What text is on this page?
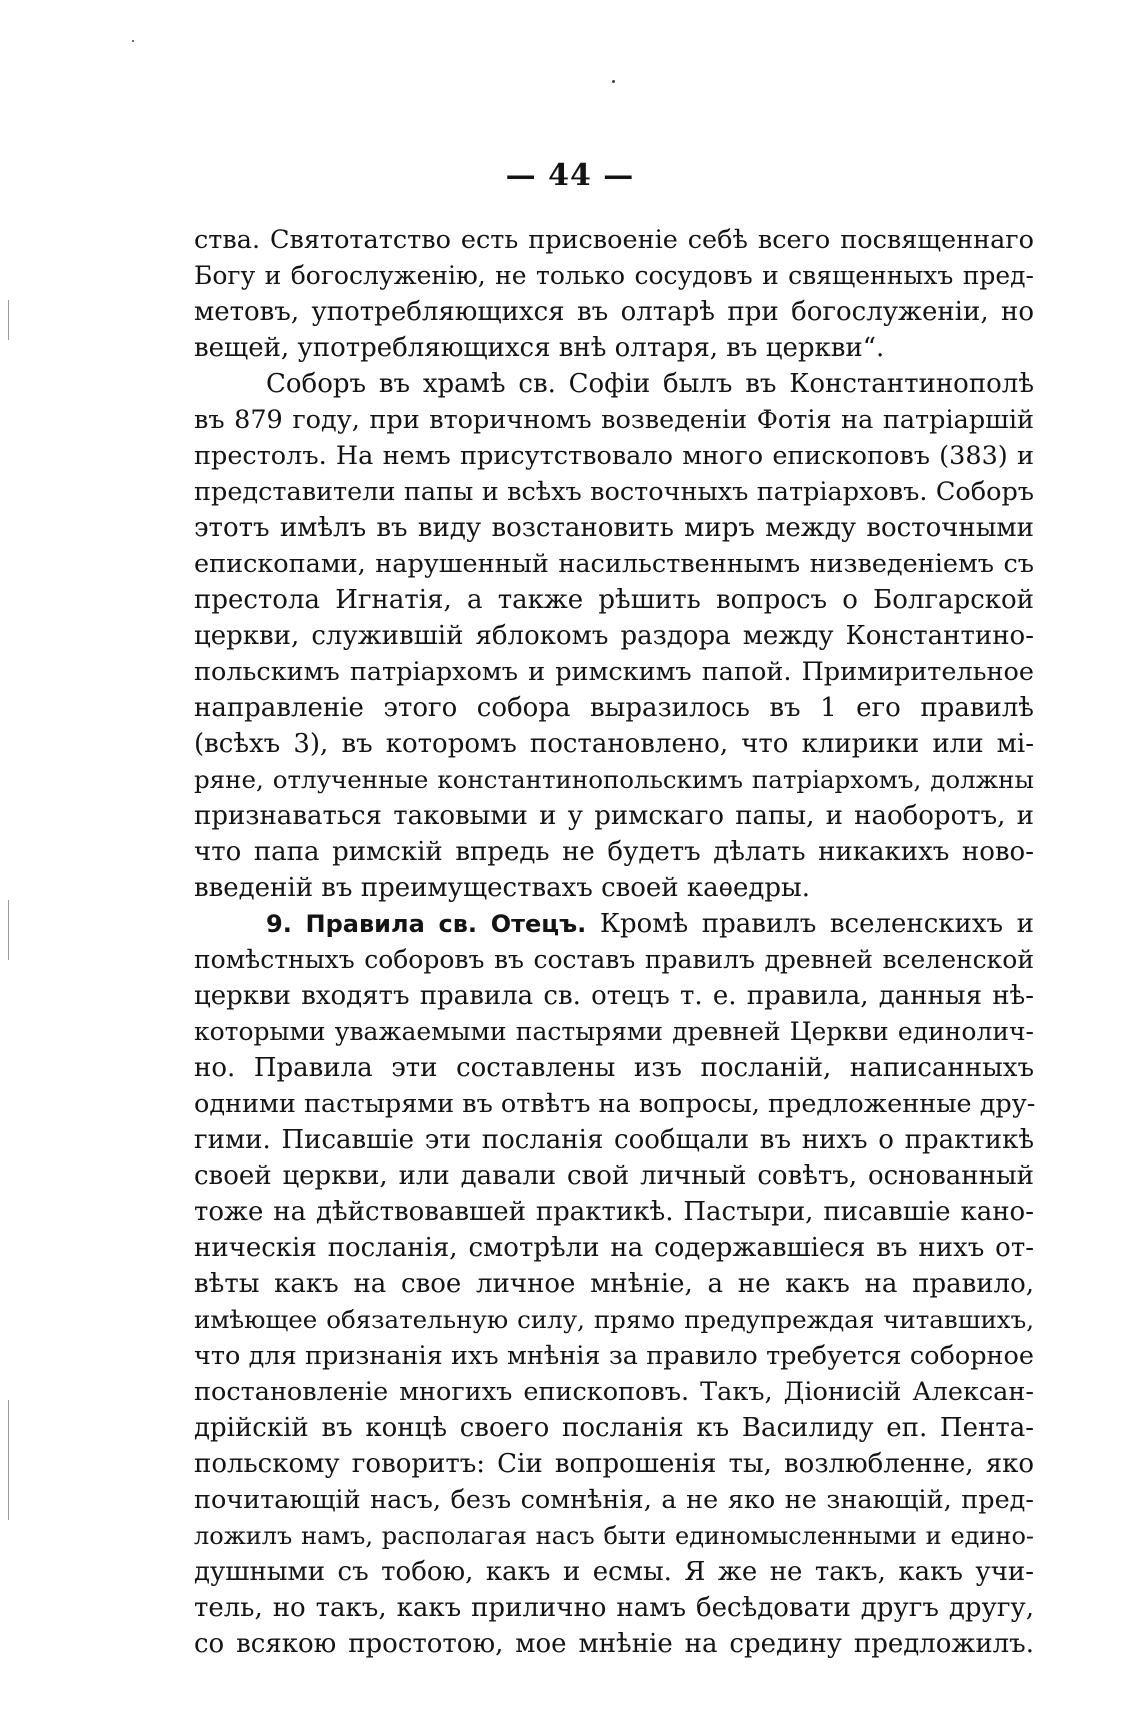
— 44 —
ства. Святотатство есть присвоеніе себѣ всего посвященнаго
Богу и богослуженію, не только сосудовъ и священныхъ пред-
метовъ, употребляющихся въ олтарѣ при богослуженіи, но
вещей, употребляющихся внѣ олтаря, въ церкви“.
Соборъ въ храмѣ св. Софіи былъ въ Константинополѣ
въ 879 году, при вторичномъ возведеніи Фотія на патріаршій
престолъ. На немъ присутствовало много епископовъ (383) и
представители папы и всѣхъ восточныхъ патріарховъ. Соборъ
этотъ имѣлъ въ виду возстановить миръ между восточными
епископами, нарушенный насильственнымъ низведеніемъ съ
престола Игнатія, а также рѣшить вопросъ о Болгарской
церкви, служившій яблокомъ раздора между Константино-
польскимъ патріархомъ и римскимъ папой. Примирительное
направленіе этого собора выразилось въ 1 его правилѣ
(всѣхъ 3), въ которомъ постановлено, что клирики или мі-
ряне, отлученные константинопольскимъ патріархомъ, должны
признаваться таковыми и у римскаго папы, и наоборотъ, и
что папа римскій впредь не будетъ дѣлать никакихъ ново-
введеній въ преимуществахъ своей каѳедры.
9. Правила св. Отецъ. Кромѣ правилъ вселенскихъ и
помѣстныхъ соборовъ въ составъ правилъ древней вселенской
церкви входятъ правила св. отецъ т. е. правила, данныя нѣ-
которыми уважаемыми пастырями древней Церкви единолич-
но. Правила эти составлены изъ посланій, написанныхъ
одними пастырями въ отвѣтъ на вопросы, предложенные дру-
гими. Писавшіе эти посланія сообщали въ нихъ о практикѣ
своей церкви, или давали свой личный совѣтъ, основанный
тоже на дѣйствовавшей практикѣ. Пастыри, писавшіе кано-
ническія посланія, смотрѣли на содержавшіеся въ нихъ от-
вѣты какъ на свое личное мнѣніе, а не какъ на правило,
имѣющее обязательную силу, прямо предупреждая читавшихъ,
что для признанія ихъ мнѣнія за правило требуется соборное
постановленіе многихъ епископовъ. Такъ, Діонисій Алексан-
дрійскій въ концѣ своего посланія къ Василиду еп. Пента-
польскому говоритъ: Сіи вопрошенія ты, возлюбленне, яко
почитающій насъ, безъ сомнѣнія, а не яко не знающій, пред-
ложилъ намъ, располагая насъ быти единомысленными и едино-
душными съ тобою, какъ и есмы. Я же не такъ, какъ учи-
тель, но такъ, какъ прилично намъ бесѣдовати другъ другу,
со всякою простотою, мое мнѣніе на средину предложилъ.
